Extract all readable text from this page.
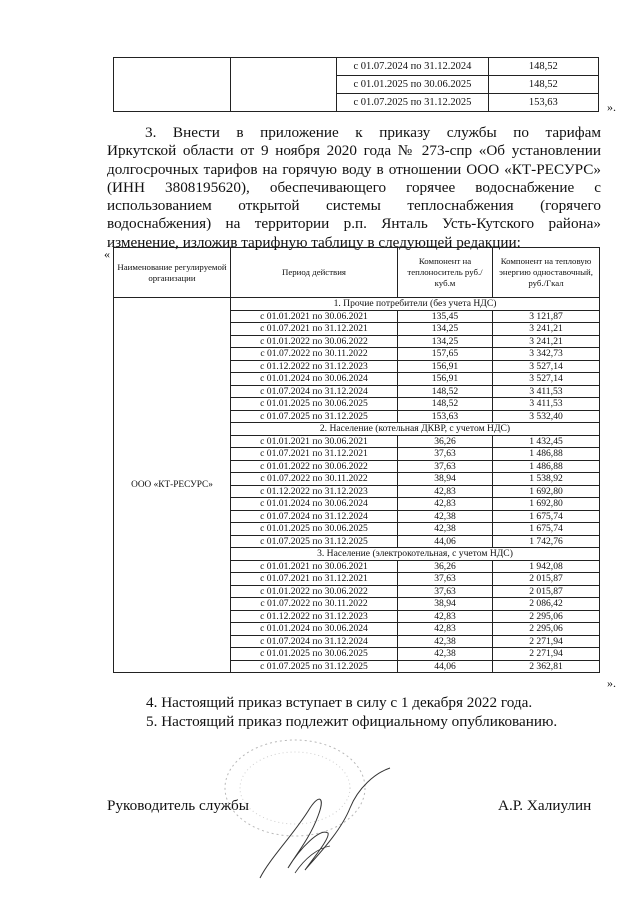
		с 01.07.2024 по 31.12.2024	148,52
		с 01.01.2025 по 30.06.2025	148,52
		с 01.07.2025 по 31.12.2025	153,63	».
3. Внести в приложение к приказу службы по тарифам
Иркутской области от 9 ноября 2020 года № 273-спр «Об установлении
долгосрочных тарифов на горячую воду в отношении ООО «КТ-РЕСУРС»
(ИНН 3808195620), обеспечивающего горячее водоснабжение с
использованием открытой системы теплоснабжения (горячего
водоснабжения) на территории р.п. Янталь Усть-Кутского района»
изменение, изложив тарифную таблицу в следующей редакции:
«
Наименование регулируемой организации	Период действия	Компонент на теплоноситель руб./куб.м	Компонент на тепловую энергию одноставочный, руб./Гкал
ООО «КТ-РЕСУРС»	1. Прочие потребители (без учета НДС)		
	с 01.01.2021 по 30.06.2021	135,45	3 121,87
	с 01.07.2021 по 31.12.2021	134,25	3 241,21
	с 01.01.2022 по 30.06.2022	134,25	3 241,21
	с 01.07.2022 по 30.11.2022	157,65	3 342,73
	с 01.12.2022 по 31.12.2023	156,91	3 527,14
	с 01.01.2024 по 30.06.2024	156,91	3 527,14
	с 01.07.2024 по 31.12.2024	148,52	3 411,53
	с 01.01.2025 по 30.06.2025	148,52	3 411,53
	с 01.07.2025 по 31.12.2025	153,63	3 532,40
	2. Население (котельная ДКВР, с учетом НДС)		
	с 01.01.2021 по 30.06.2021	36,26	1 432,45
	с 01.07.2021 по 31.12.2021	37,63	1 486,88
	с 01.01.2022 по 30.06.2022	37,63	1 486,88
	с 01.07.2022 по 30.11.2022	38,94	1 538,92
	с 01.12.2022 по 31.12.2023	42,83	1 692,80
	с 01.01.2024 по 30.06.2024	42,83	1 692,80
	с 01.07.2024 по 31.12.2024	42,38	1 675,74
	с 01.01.2025 по 30.06.2025	42,38	1 675,74
	с 01.07.2025 по 31.12.2025	44,06	1 742,76
	3. Население (электрокотельная, с учетом НДС)		
	с 01.01.2021 по 30.06.2021	36,26	1 942,08
	с 01.07.2021 по 31.12.2021	37,63	2 015,87
	с 01.01.2022 по 30.06.2022	37,63	2 015,87
	с 01.07.2022 по 30.11.2022	38,94	2 086,42
	с 01.12.2022 по 31.12.2023	42,83	2 295,06
	с 01.01.2024 по 30.06.2024	42,83	2 295,06
	с 01.07.2024 по 31.12.2024	42,38	2 271,94
	с 01.01.2025 по 30.06.2025	42,38	2 271,94
	с 01.07.2025 по 31.12.2025	44,06	2 362,81
».
4. Настоящий приказ вступает в силу с 1 декабря 2022 года.
5. Настоящий приказ подлежит официальному опубликованию.
Руководитель службы	А.Р. Халиулин
